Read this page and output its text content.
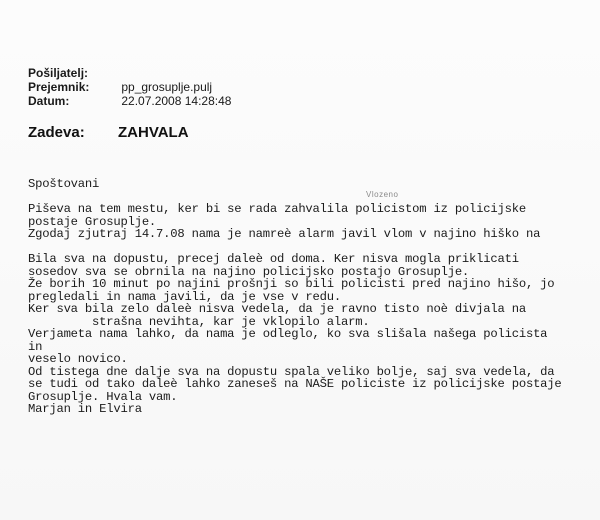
Pošiljatelj:
Prejemnik:	pp_grosuplje.pulj
Datum:	22.07.2008 14:28:48
Zadeva: ZAHVALA
Vlozeno
Spoštovani
Piševa na tem mestu, ker bi se rada zahvalila policistom iz policijske
postaje Grosuplje.
Zgodaj zjutraj 14.7.08 nama je namreè alarm javil vlom v najino hiško na
Bila sva na dopustu, precej daleè od doma. Ker nisva mogla priklicati
sosedov sva se obrnila na najino policijsko postajo Grosuplje.
Že borih 10 minut po najini prošnji so bili policisti pred najino hišo, jo
pregledali in nama javili, da je vse v redu.
Ker sva bila zelo daleè nisva vedela, da je ravno tisto noè divjala na
strašna nevihta, kar je vklopilo alarm.
Verjameta nama lahko, da nama je odleglo, ko sva slišala našega policista
in
veselo novico.
Od tistega dne dalje sva na dopustu spala veliko bolje, saj sva vedela, da
se tudi od tako daleè lahko zaneseš na NAŠE policiste iz policijske postaje
Grosuplje. Hvala vam.
Marjan in Elvira
